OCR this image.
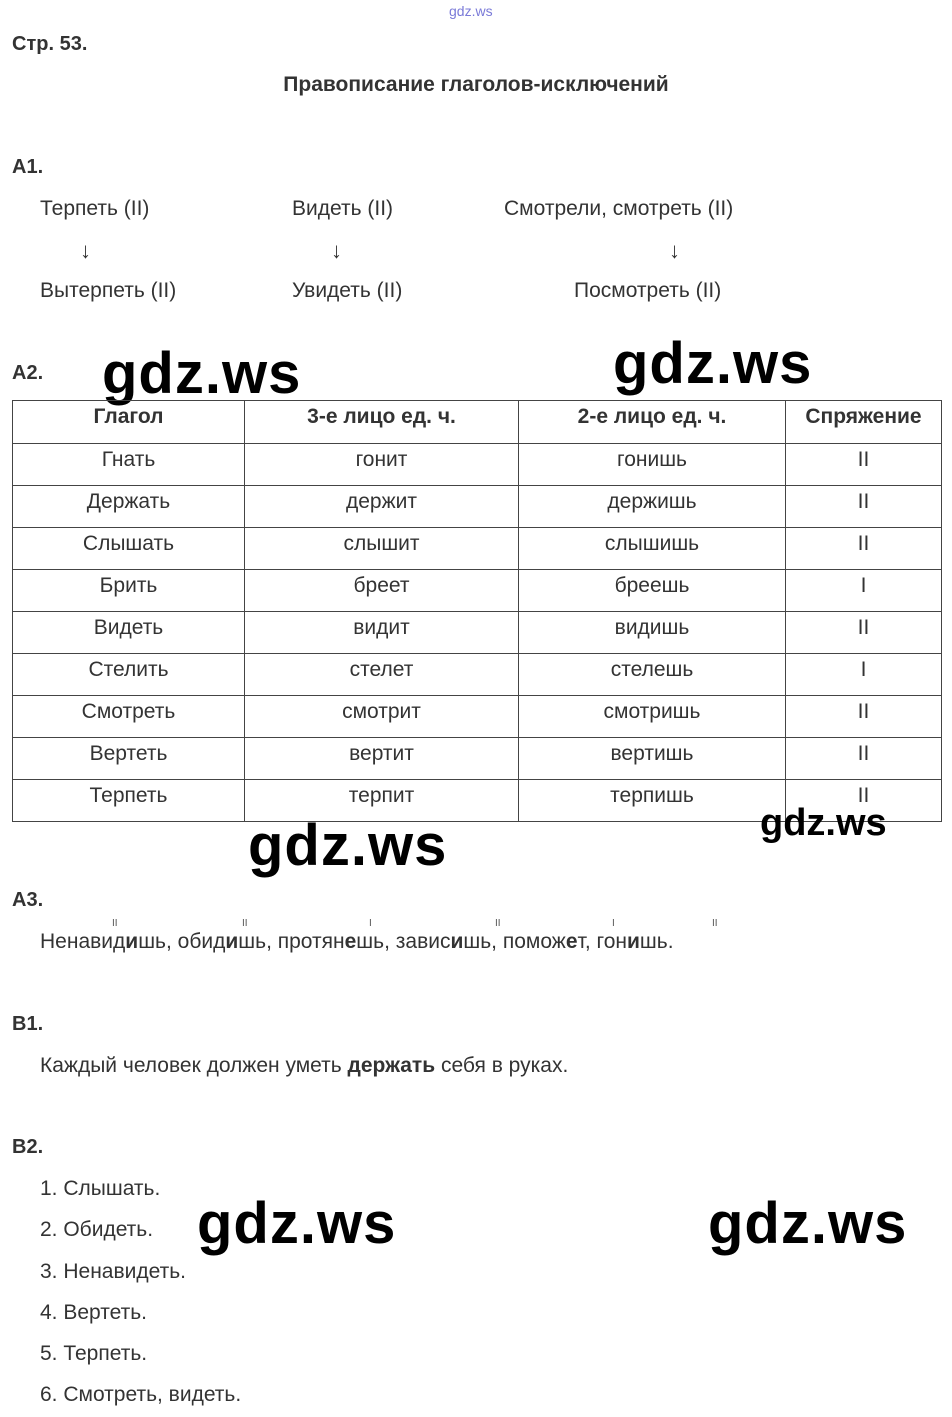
gdz.ws
Стр. 53.
Правописание глаголов-исключений
А1.
Терпеть (II)	Видеть (II)	Смотрели, смотреть (II)
↓	↓	↓
Вытерпеть (II)	Увидеть (II)	Посмотреть (II)
А2. gdz.ws	gdz.ws
Глагол	3-е лицо ед. ч.	2-е лицо ед. ч.	Спряжение
Гнать	гонит	гонишь	II
Держать	держит	держишь	II
Слышать	слышит	слышишь	II
Брить	бреет	бреешь	I
Видеть	видит	видишь	II
Стелить	стелет	стелешь	I
Смотреть	смотрит	смотришь	II
Вертеть	вертит	вертишь	II
Терпеть	терпит	терпишь	II
gdz.ws	gdz.ws
А3.
II	II	I	II	I	II
Ненавидишь, обидишь, протянешь, зависишь, поможет, гонишь.
В1.
Каждый человек должен уметь держать себя в руках.
В2.
1. Слышать.
2. Обидеть.
3. Ненавидеть.
4. Вертеть.
5. Терпеть.
6. Смотреть, видеть.
gdz.ws	gdz.ws
